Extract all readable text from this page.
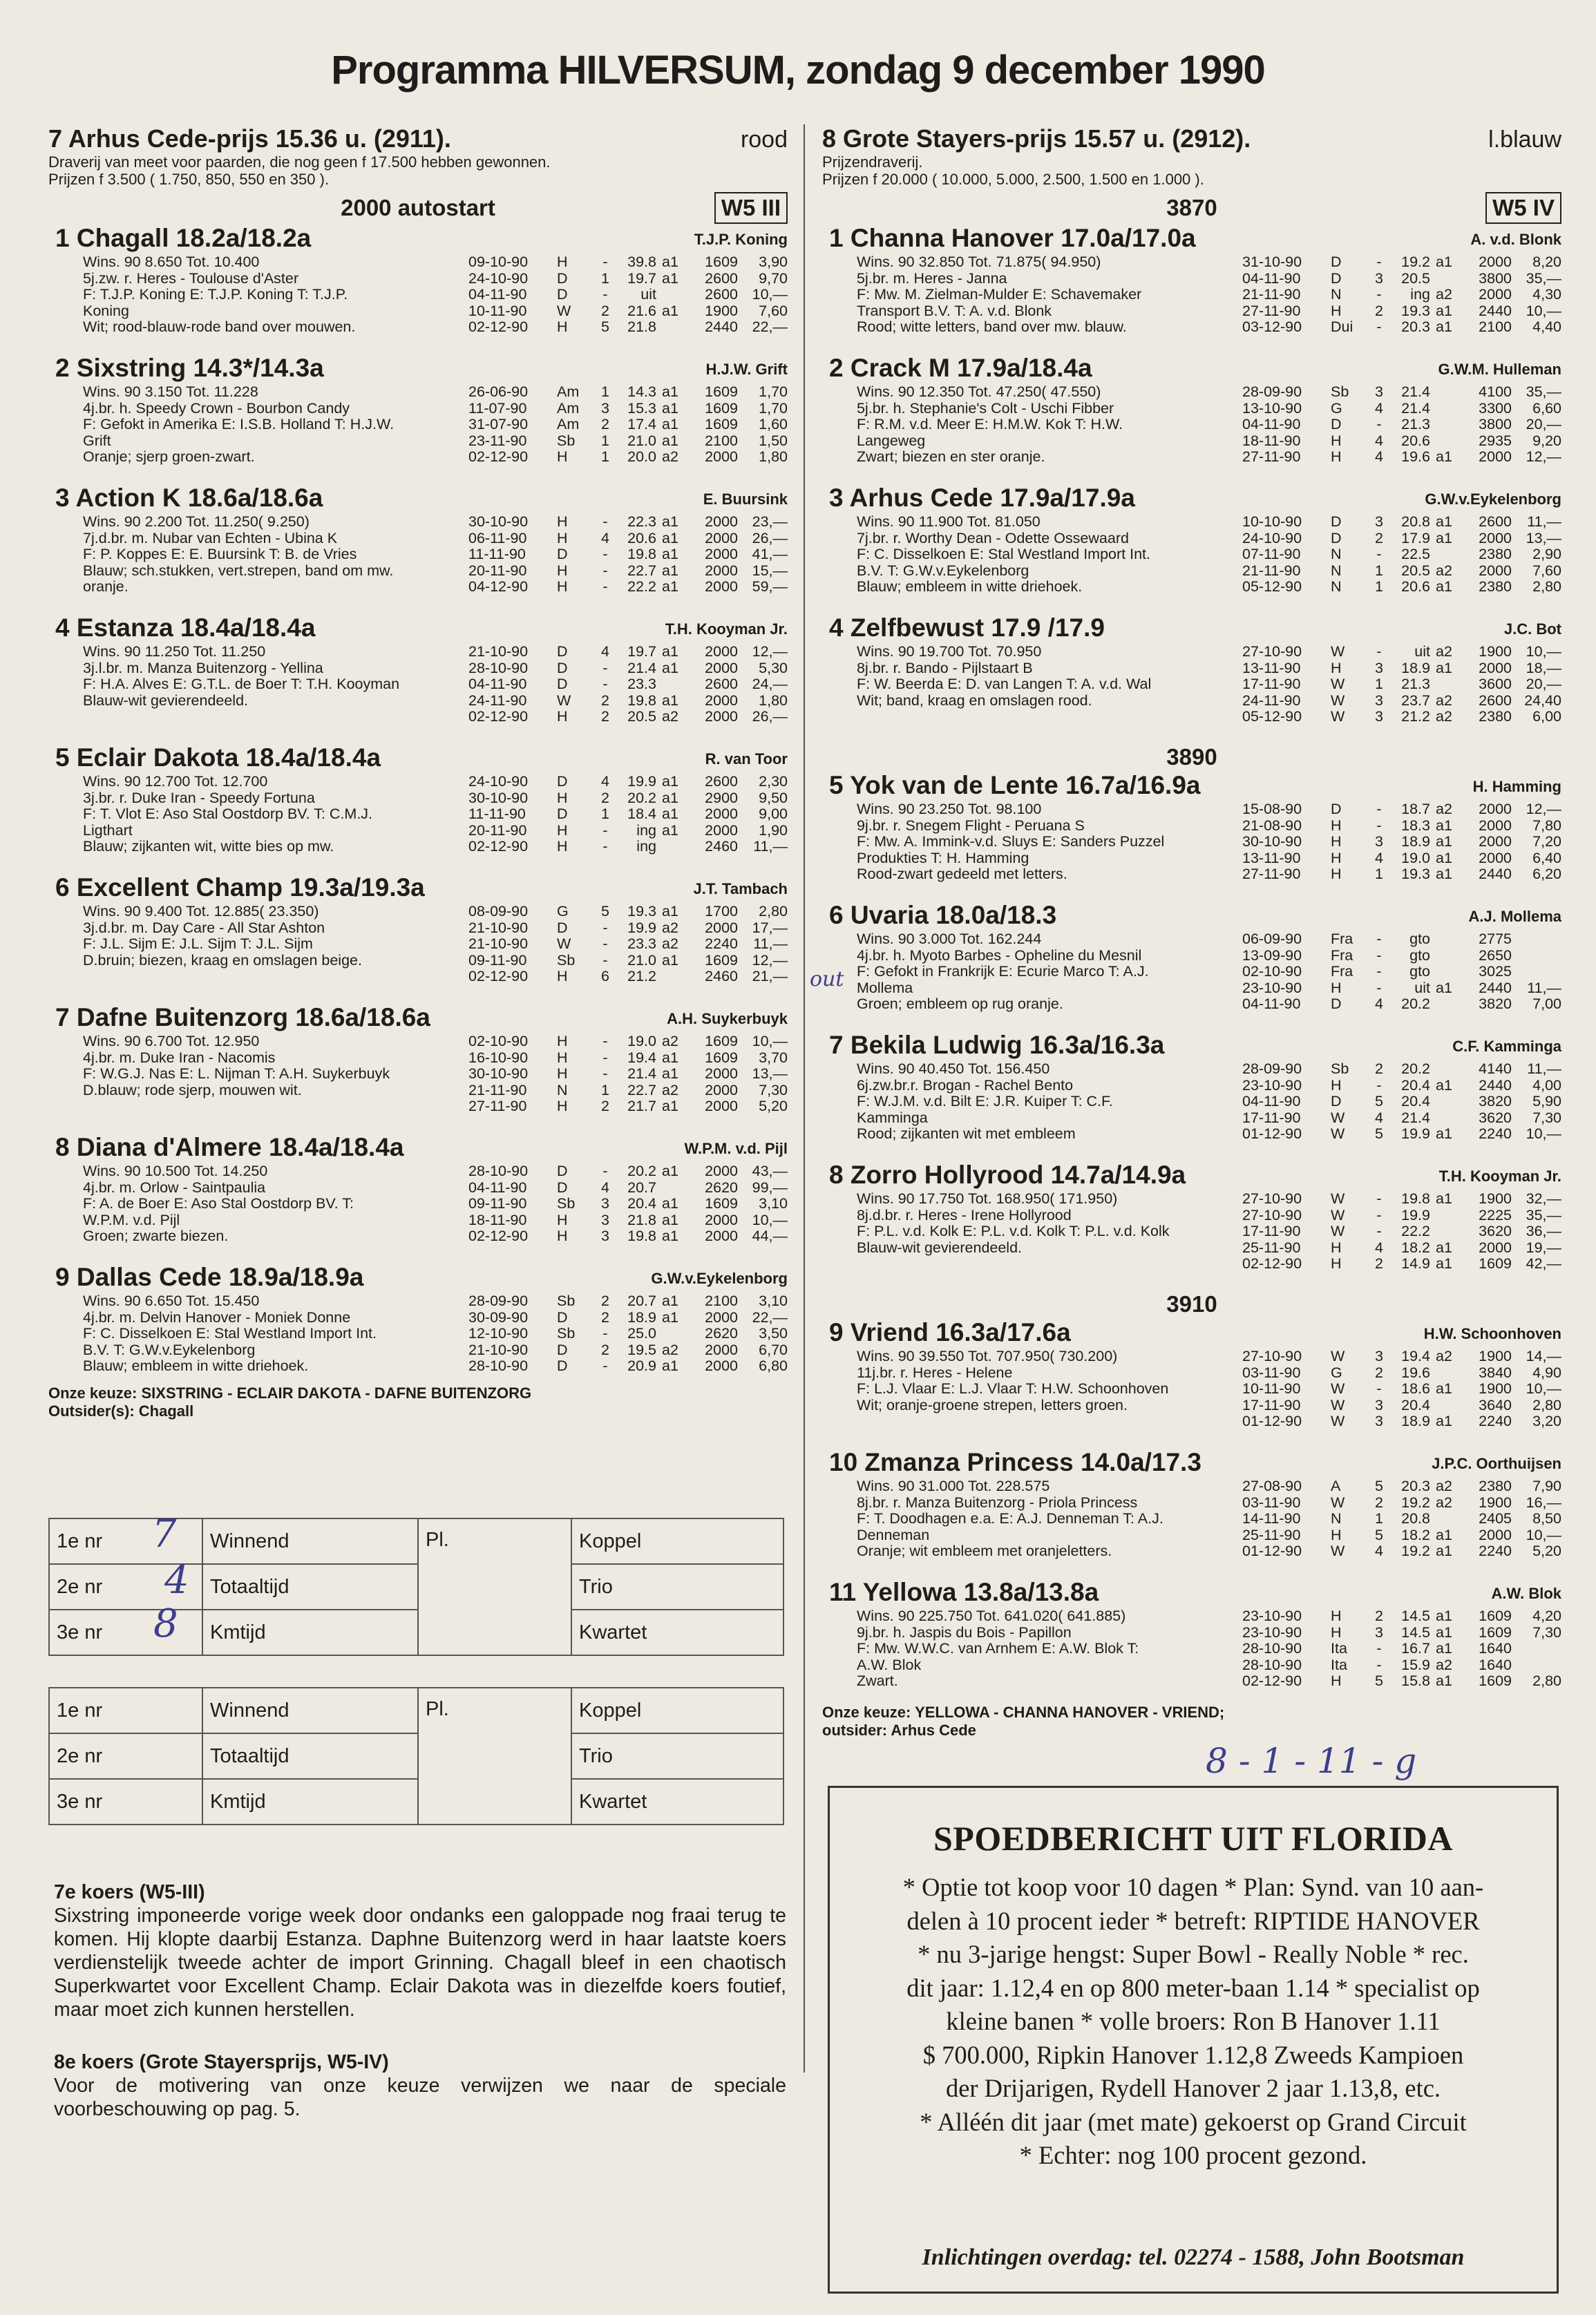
Programma HILVERSUM, zondag 9 december 1990
7 Arhus Cede-prijs 15.36 u. (2911).	rood
Draverij van meet voor paarden, die nog geen f 17.500 hebben gewonnen.
Prijzen f 3.500 ( 1.750, 850, 550 en 350 ).
2000 autostart	W5 III
1 Chagall 18.2a/18.2a	T.J.P. Koning
Wins. 90 8.650 Tot. 10.400
5j.zw. r. Heres - Toulouse d'Aster
F: T.J.P. Koning E: T.J.P. Koning T: T.J.P.
Koning
Wit; rood-blauw-rode band over mouwen.
09-10-90	H	-	39.8 a1	1609	3,90
24-10-90	D	1	19.7 a1	2600	9,70
04-11-90	D	-	uit	2600 10,—
10-11-90	W	2	21.6 a1	1900	7,60
02-12-90	H	5	21.8	2440 22,—
2 Sixstring 14.3*/14.3a	H.J.W. Grift
Wins. 90 3.150 Tot. 11.228
4j.br. h. Speedy Crown - Bourbon Candy
F: Gefokt in Amerika E: I.S.B. Holland T: H.J.W.
Grift
Oranje; sjerp groen-zwart.
26-06-90	Am	1	14.3 a1	1609	1,70
11-07-90	Am	3	15.3 a1	1609	1,70
31-07-90	Am	2	17.4 a1	1609	1,60
23-11-90	Sb	1	21.0 a1	2100	1,50
02-12-90	H	1	20.0 a2	2000	1,80
3 Action K 18.6a/18.6a	E. Buursink
Wins. 90 2.200 Tot. 11.250( 9.250)
7j.d.br. m. Nubar van Echten - Ubina K
F: P. Koppes E: E. Buursink T: B. de Vries
Blauw; sch.stukken, vert.strepen, band om mw.
oranje.
30-10-90	H	-	22.3 a1	2000 23,—
06-11-90	H	4	20.6 a1	2000 26,—
11-11-90	D	-	19.8 a1	2000 41,—
20-11-90	H	-	22.7 a1	2000 15,—
04-12-90	H	-	22.2 a1	2000 59,—
4 Estanza 18.4a/18.4a	T.H. Kooyman Jr.
Wins. 90 11.250 Tot. 11.250
3j.l.br. m. Manza Buitenzorg - Yellina
F: H.A. Alves E: G.T.L. de Boer T: T.H. Kooyman
Blauw-wit gevierendeeld.
21-10-90	D	4	19.7 a1	2000 12,—
28-10-90	D	-	21.4 a1	2000	5,30
04-11-90	D	-	23.3	2600 24,—
24-11-90	W	2	19.8 a1	2000	1,80
02-12-90	H	2	20.5 a2	2000 26,—
5 Eclair Dakota 18.4a/18.4a	R. van Toor
Wins. 90 12.700 Tot. 12.700
3j.br. r. Duke Iran - Speedy Fortuna
F: T. Vlot E: Aso Stal Oostdorp BV. T: C.M.J.
Ligthart
Blauw; zijkanten wit, witte bies op mw.
24-10-90	D	4	19.9 a1	2600	2,30
30-10-90	H	2	20.2 a1	2900	9,50
11-11-90	D	1	18.4 a1	2000	9,00
20-11-90	H	-	ing a1	2000	1,90
02-12-90	H	-	ing	2460	11,—
6 Excellent Champ 19.3a/19.3a	J.T. Tambach
Wins. 90 9.400 Tot. 12.885( 23.350)
3j.d.br. m. Day Care - All Star Ashton
F: J.L. Sijm E: J.L. Sijm T: J.L. Sijm
D.bruin; biezen, kraag en omslagen beige.
08-09-90	G	5	19.3 a1	1700	2,80
21-10-90	D	-	19.9 a2	2000 17,—
21-10-90	W	-	23.3 a2	2240	11,—
09-11-90	Sb	-	21.0 a1	1609 12,—
02-12-90	H	6	21.2	2460 21,—
7 Dafne Buitenzorg 18.6a/18.6a	A.H. Suykerbuyk
Wins. 90 6.700 Tot. 12.950
4j.br. m. Duke Iran - Nacomis
F: W.G.J. Nas E: L. Nijman T: A.H. Suykerbuyk
D.blauw; rode sjerp, mouwen wit.
02-10-90	H	-	19.0 a2	1609 10,—
16-10-90	H	-	19.4 a1	1609	3,70
30-10-90	H	-	21.4 a1	2000 13,—
21-11-90	N	1	22.7 a2	2000	7,30
27-11-90	H	2	21.7 a1	2000	5,20
8 Diana d'Almere 18.4a/18.4a	W.P.M. v.d. Pijl
Wins. 90 10.500 Tot. 14.250
4j.br. m. Orlow - Saintpaulia
F: A. de Boer E: Aso Stal Oostdorp BV. T:
W.P.M. v.d. Pijl
Groen; zwarte biezen.
28-10-90	D	-	20.2 a1	2000 43,—
04-11-90	D	4	20.7	2620 99,—
09-11-90	Sb	3	20.4 a1	1609	3,10
18-11-90	H	3	21.8 a1	2000 10,—
02-12-90	H	3	19.8 a1	2000 44,—
9 Dallas Cede 18.9a/18.9a	G.W.v.Eykelenborg
Wins. 90 6.650 Tot. 15.450
4j.br. m. Delvin Hanover - Moniek Donne
F: C. Disselkoen E: Stal Westland Import Int.
B.V. T: G.W.v.Eykelenborg
Blauw; embleem in witte driehoek.
28-09-90	Sb	2	20.7 a1	2100	3,10
30-09-90	D	2	18.9 a1	2000 22,—
12-10-90	Sb	-	25.0	2620	3,50
21-10-90	D	2	19.5 a2	2000	6,70
28-10-90	D	-	20.9 a1	2000	6,80
Onze keuze: SIXSTRING - ECLAIR DAKOTA - DAFNE BUITENZORG
Outsider(s): Chagall
8 Grote Stayers-prijs 15.57 u. (2912).	l.blauw
Prijzendraverij.
Prijzen f 20.000 ( 10.000, 5.000, 2.500, 1.500 en 1.000 ).
3870	W5 IV
1 Channa Hanover 17.0a/17.0a	A. v.d. Blonk
Wins. 90 32.850 Tot. 71.875( 94.950)
5j.br. m. Heres - Janna
F: Mw. M. Zielman-Mulder E: Schavemaker
Transport B.V. T: A. v.d. Blonk
Rood; witte letters, band over mw. blauw.
31-10-90	D	-	19.2 a1	2000	8,20
04-11-90	D	3	20.5	3800 35,—
21-11-90	N	-	ing a2	2000	4,30
27-11-90	H	2	19.3 a1	2440 10,—
03-12-90	Dui	-	20.3 a1	2100	4,40
2 Crack M 17.9a/18.4a	G.W.M. Hulleman
Wins. 90 12.350 Tot. 47.250( 47.550)
5j.br. h. Stephanie's Colt - Uschi Fibber
F: R.M. v.d. Meer E: H.M.W. Kok T: H.W.
Langeweg
Zwart; biezen en ster oranje.
28-09-90	Sb	3	21.4	4100 35,—
13-10-90	G	4	21.4	3300	6,60
04-11-90	D	-	21.3	3800 20,—
18-11-90	H	4	20.6	2935	9,20
27-11-90	H	4	19.6 a1	2000 12,—
3 Arhus Cede 17.9a/17.9a	G.W.v.Eykelenborg
Wins. 90 11.900 Tot. 81.050
7j.br. r. Worthy Dean - Odette Ossewaard
F: C. Disselkoen E: Stal Westland Import Int.
B.V. T: G.W.v.Eykelenborg
Blauw; embleem in witte driehoek.
10-10-90	D	3	20.8 a1	2600	11,—
24-10-90	D	2	17.9 a1	2000 13,—
07-11-90	N	-	22.5	2380	2,90
21-11-90	N	1	20.5 a2	2000	7,60
05-12-90	N	1	20.6 a1	2380	2,80
4 Zelfbewust 17.9 /17.9	J.C. Bot
Wins. 90 19.700 Tot. 70.950
8j.br. r. Bando - Pijlstaart B
F: W. Beerda E: D. van Langen T: A. v.d. Wal
Wit; band, kraag en omslagen rood.
27-10-90	W	-	uit a2	1900 10,—
13-11-90	H	3	18.9 a1	2000 18,—
17-11-90	W	1	21.3	3600 20,—
24-11-90	W	3	23.7 a2	2600 24,40
05-12-90	W	3	21.2 a2	2380	6,00
3890
5 Yok van de Lente 16.7a/16.9a	H. Hamming
Wins. 90 23.250 Tot. 98.100
9j.br. r. Snegem Flight - Peruana S
F: Mw. A. Immink-v.d. Sluys E: Sanders Puzzel
Produkties T: H. Hamming
Rood-zwart gedeeld met letters.
15-08-90	D	-	18.7 a2	2000 12,—
21-08-90	H	-	18.3 a1	2000	7,80
30-10-90	H	3	18.9 a1	2000	7,20
13-11-90	H	4	19.0 a1	2000	6,40
27-11-90	H	1	19.3 a1	2440	6,20
6 Uvaria 18.0a/18.3	A.J. Mollema
Wins. 90 3.000 Tot. 162.244
4j.br. h. Myoto Barbes - Opheline du Mesnil
F: Gefokt in Frankrijk E: Ecurie Marco T: A.J.
Mollema
Groen; embleem op rug oranje.
06-09-90	Fra	-	gto	2775
13-09-90	Fra	-	gto	2650
02-10-90	Fra	-	gto	3025
23-10-90	H	-	uit a1	2440	11,—
04-11-90	D	4	20.2	3820	7,00
7 Bekila Ludwig 16.3a/16.3a	C.F. Kamminga
Wins. 90 40.450 Tot. 156.450
6j.zw.br.r. Brogan - Rachel Bento
F: W.J.M. v.d. Bilt E: J.R. Kuiper T: C.F.
Kamminga
Rood; zijkanten wit met embleem
28-09-90	Sb	2	20.2	4140	11,—
23-10-90	H	-	20.4 a1	2440	4,00
04-11-90	D	5	20.4	3820	5,90
17-11-90	W	4	21.4	3620	7,30
01-12-90	W	5	19.9 a1	2240 10,—
8 Zorro Hollyrood 14.7a/14.9a	T.H. Kooyman Jr.
Wins. 90 17.750 Tot. 168.950( 171.950)
8j.d.br. r. Heres - Irene Hollyrood
F: P.L. v.d. Kolk E: P.L. v.d. Kolk T: P.L. v.d. Kolk
Blauw-wit gevierendeeld.
27-10-90	W	-	19.8 a1	1900 32,—
27-10-90	W	-	19.9	2225 35,—
17-11-90	W	-	22.2	3620 36,—
25-11-90	H	4	18.2 a1	2000 19,—
02-12-90	H	2	14.9 a1	1609 42,—
3910
9 Vriend 16.3a/17.6a	H.W. Schoonhoven
Wins. 90 39.550 Tot. 707.950( 730.200)
11j.br. r. Heres - Helene
F: L.J. Vlaar E: L.J. Vlaar T: H.W. Schoonhoven
Wit; oranje-groene strepen, letters groen.
27-10-90	W	3	19.4 a2	1900 14,—
03-11-90	G	2	19.6	3840	4,90
10-11-90	W	-	18.6 a1	1900 10,—
17-11-90	W	3	20.4	3640	2,80
01-12-90	W	3	18.9 a1	2240	3,20
10 Zmanza Princess 14.0a/17.3	J.P.C. Oorthuijsen
Wins. 90 31.000 Tot. 228.575
8j.br. r. Manza Buitenzorg - Priola Princess
F: T. Doodhagen e.a. E: A.J. Denneman T: A.J.
Denneman
Oranje; wit embleem met oranjeletters.
27-08-90	A	5	20.3 a2	2380	7,90
03-11-90	W	2	19.2 a2	1900 16,—
14-11-90	N	1	20.8	2405	8,50
25-11-90	H	5	18.2 a1	2000 10,—
01-12-90	W	4	19.2 a1	2240	5,20
11 Yellowa 13.8a/13.8a	A.W. Blok
Wins. 90 225.750 Tot. 641.020( 641.885)
9j.br. h. Jaspis du Bois - Papillon
F: Mw. W.W.C. van Arnhem E: A.W. Blok T:
A.W. Blok
Zwart.
23-10-90	H	2	14.5 a1	1609	4,20
23-10-90	H	3	14.5 a1	1609	7,30
28-10-90	Ita	-	16.7 a1	1640
28-10-90	Ita	-	15.9 a2	1640
02-12-90	H	5	15.8 a1	1609	2,80
Onze keuze: YELLOWA - CHANNA HANOVER - VRIEND;
outsider: Arhus Cede
1e nr	Winnend	Pl.	Koppel
2e nr	Totaaltijd		Trio
3e nr	Kmtijd		Kwartet
1e nr	Winnend	Pl.	Koppel
2e nr	Totaaltijd		Trio
3e nr	Kmtijd		Kwartet
7
4
8
8 - 1 - 11 - g
out
7e koers (W5-III)
Sixstring imponeerde vorige week door ondanks een galoppade nog fraai terug te komen. Hij klopte daarbij Estanza. Daphne Buitenzorg werd in haar laatste koers verdienstelijk tweede achter de import Grinning. Chagall bleef in een chaotisch Superkwartet voor Excellent Champ. Eclair Dakota was in diezelfde koers foutief, maar moet zich kunnen herstellen.
8e koers (Grote Stayersprijs, W5-IV)
Voor de motivering van onze keuze verwijzen we naar de speciale voorbeschouwing op pag. 5.
SPOEDBERICHT UIT FLORIDA
* Optie tot koop voor 10 dagen * Plan: Synd. van 10 aan-
delen à 10 procent ieder * betreft: RIPTIDE HANOVER
* nu 3-jarige hengst: Super Bowl - Really Noble * rec.
dit jaar: 1.12,4 en op 800 meter-baan 1.14 * specialist op
kleine banen * volle broers: Ron B Hanover 1.11
$ 700.000, Ripkin Hanover 1.12,8 Zweeds Kampioen
der Drijarigen, Rydell Hanover 2 jaar 1.13,8, etc.
* Alléén dit jaar (met mate) gekoerst op Grand Circuit
* Echter: nog 100 procent gezond.
Inlichtingen overdag: tel. 02274 - 1588, John Bootsman
